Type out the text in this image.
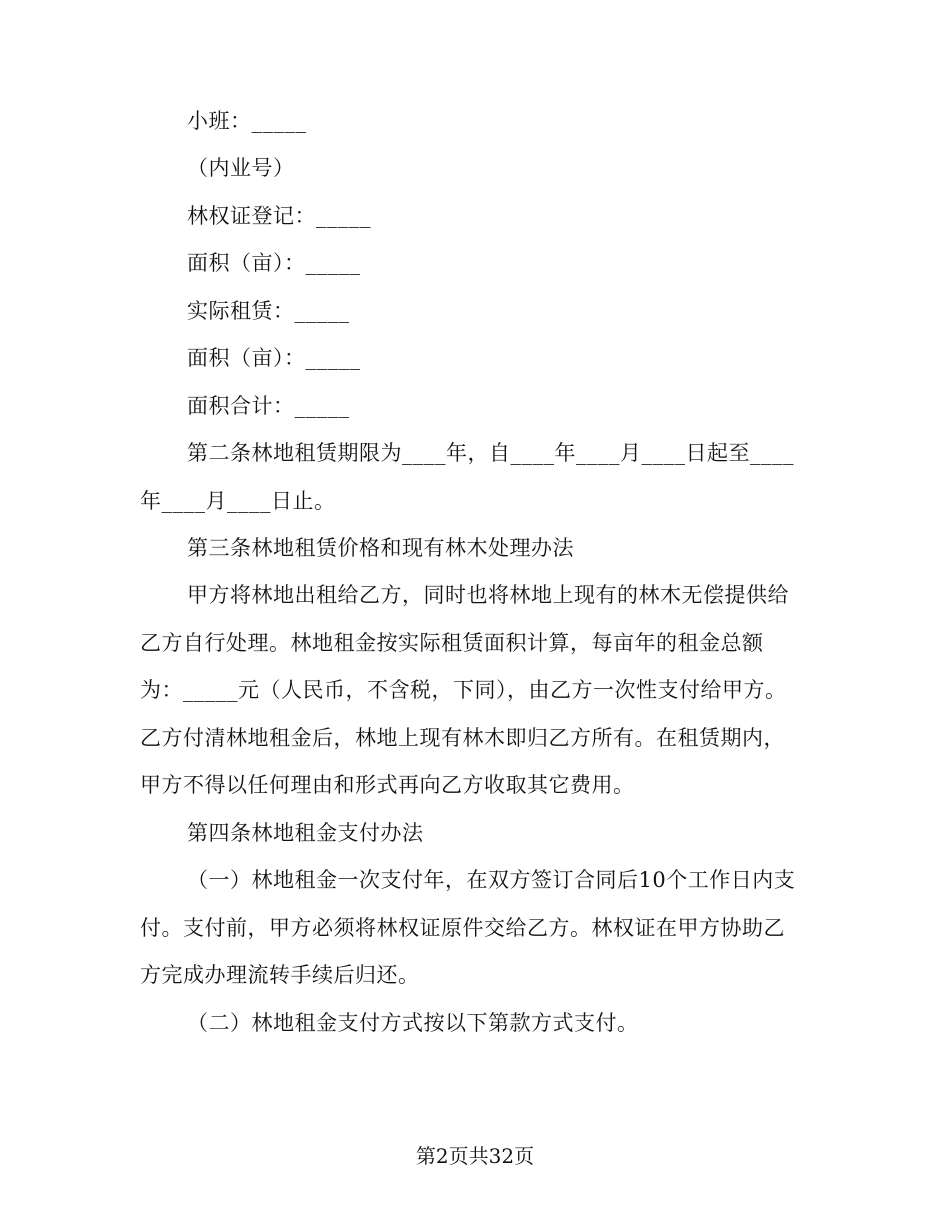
小班：_____
（内业号）
林权证登记：_____
面积（亩）：_____
实际租赁：_____
面积（亩）：_____
面积合计：_____
第二条林地租赁期限为____年，自____年____月____日起至____
年____月____日止。
第三条林地租赁价格和现有林木处理办法
甲方将林地出租给乙方，同时也将林地上现有的林木无偿提供给
乙方自行处理。林地租金按实际租赁面积计算，每亩年的租金总额
为：_____元（人民币，不含税，下同），由乙方一次性支付给甲方。
乙方付清林地租金后，林地上现有林木即归乙方所有。在租赁期内，
甲方不得以任何理由和形式再向乙方收取其它费用。
第四条林地租金支付办法
（一）林地租金一次支付年，在双方签订合同后10个工作日内支
付。支付前，甲方必须将林权证原件交给乙方。林权证在甲方协助乙
方完成办理流转手续后归还。
（二）林地租金支付方式按以下第款方式支付。
第2页共32页
